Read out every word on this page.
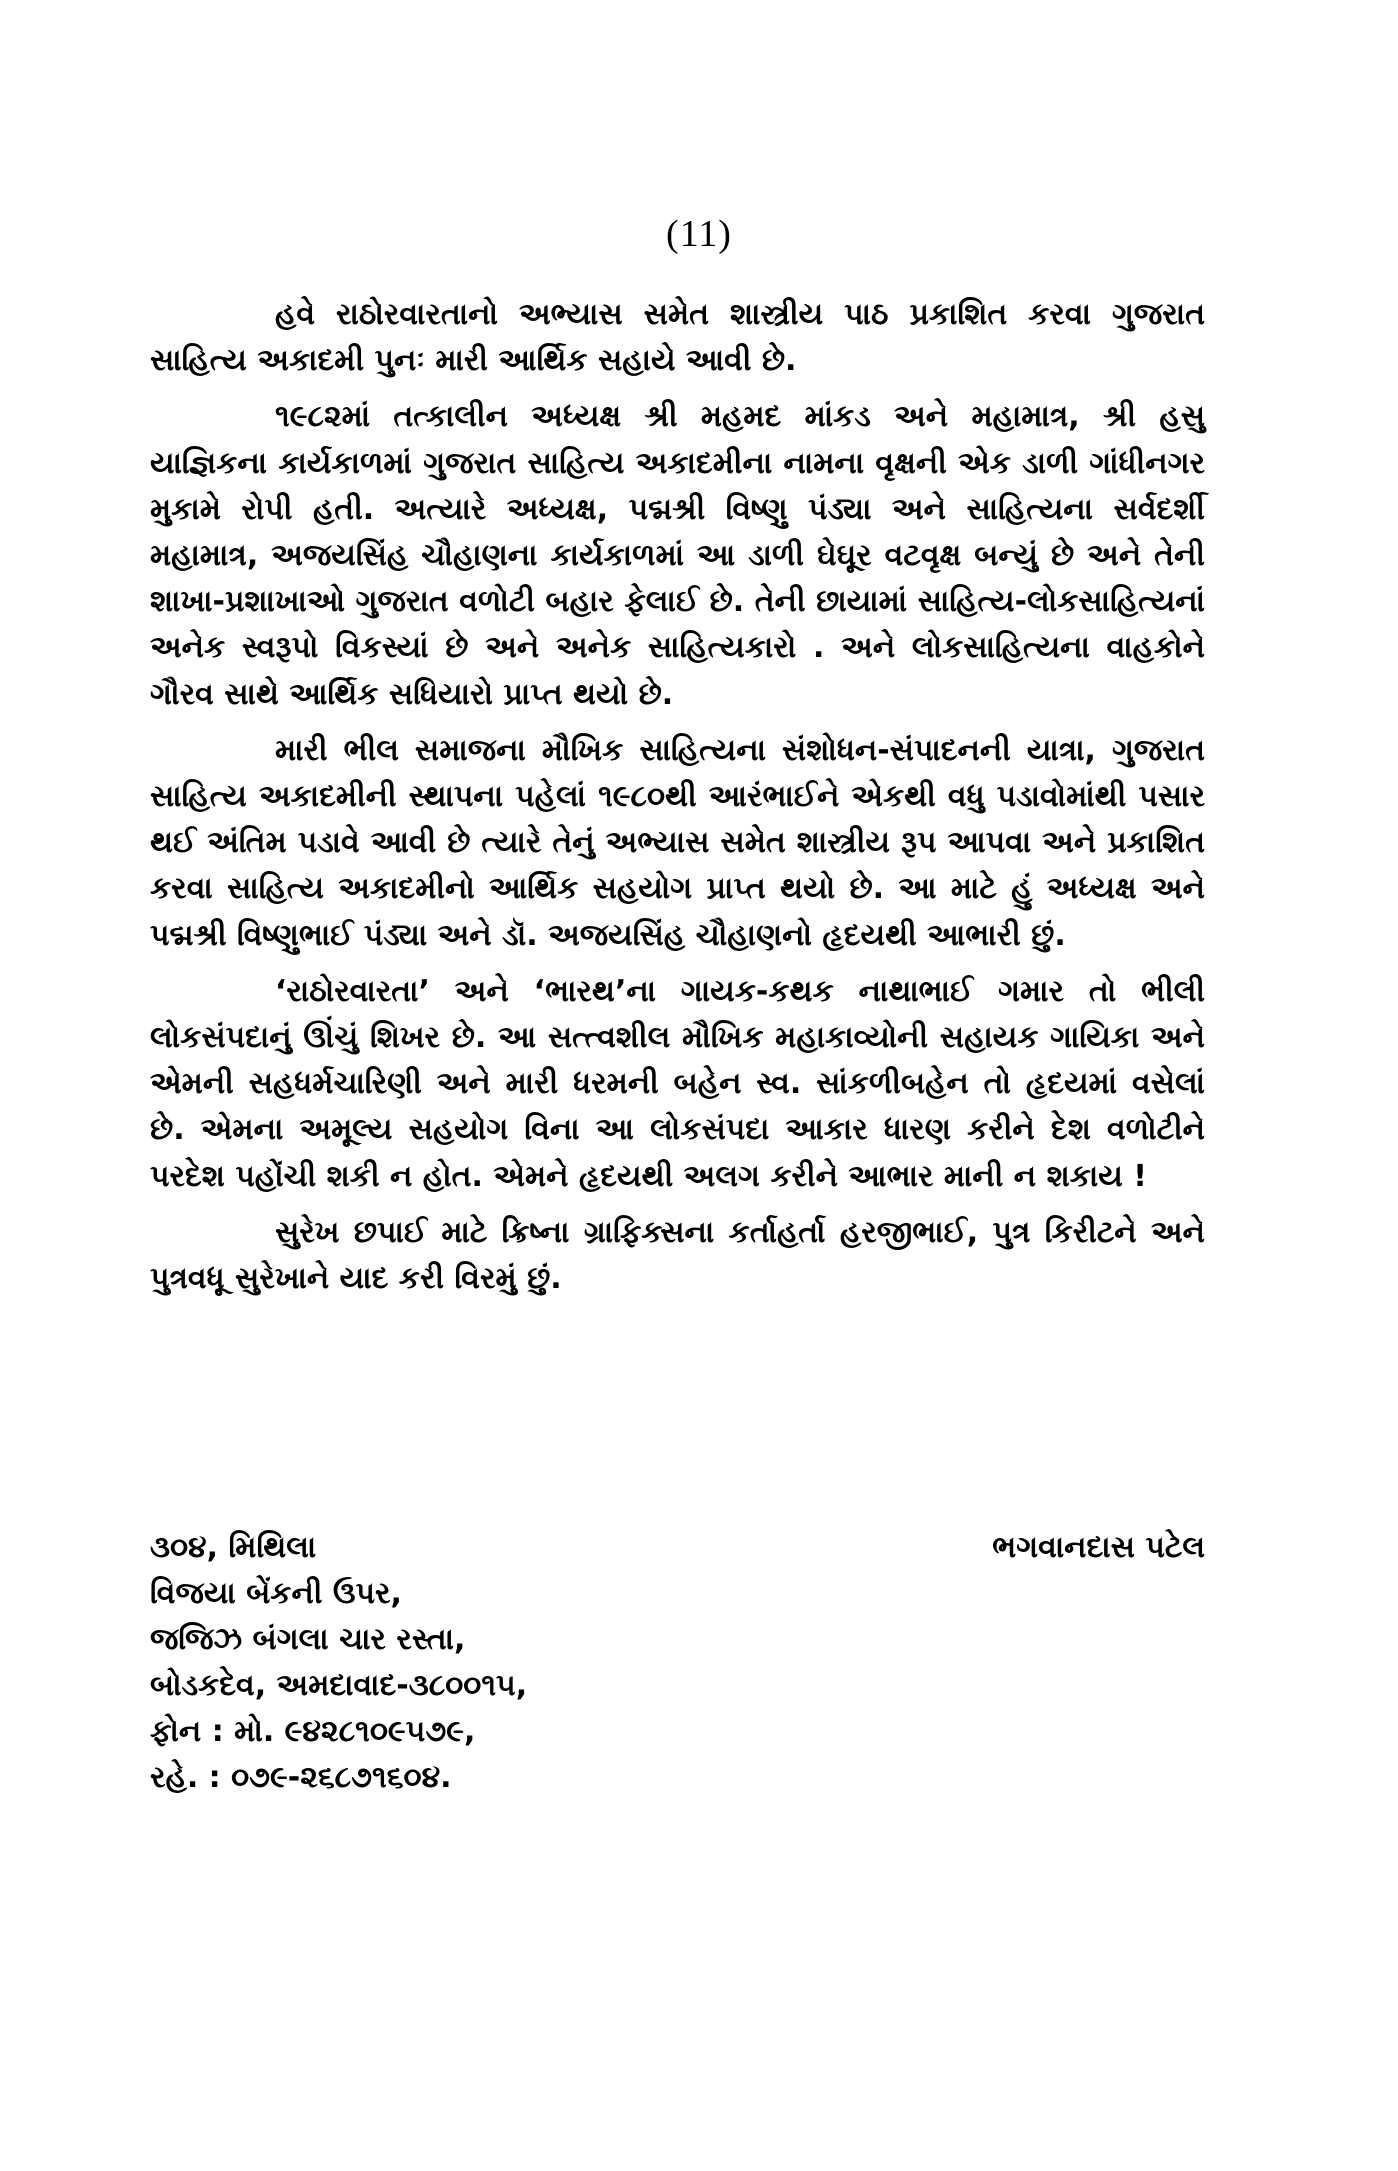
(11)

હવે રાઠોરવારતાનો અભ્યાસ સમેત શાસ્ત્રીય પાઠ પ્રકાશિત કરવા ગુજરાત સાહિત્ય અકાદમી પુનઃ મારી આર્થિક સહાયે આવી છે.

૧૯૮૨માં તત્કાલીન અધ્યક્ષ શ્રી મહમદ માંકડ અને મહામાત્ર, શ્રી હસુ યાજ્ઞિકના કાર્યકાળમાં ગુજરાત સાહિત્ય અકાદમીના નામના વૃક્ષની એક ડાળી ગાંધીનગર મુકામે રોપી હતી. અત્યારે અધ્યક્ષ, પદ્મશ્રી વિષ્ણુ પંડ્યા અને સાહિત્યના સર્વદર્શી મહામાત્ર, અજયસિંહ ચૌહાણના કાર્યકાળમાં આ ડાળી ઘેઘૂર વટવૃક્ષ બન્યું છે અને તેની શાખા-પ્રશાખાઓ ગુજરાત વળોટી બહાર ફેલાઈ છે. તેની છાયામાં સાહિત્ય-લોકસાહિત્યનાં અનેક સ્વરૂપો વિકસ્યાં છે અને અનેક સાહિત્યકારો . અને લોકસાહિત્યના વાહકોને ગૌરવ સાથે આર્થિક સધિયારો પ્રાપ્ત થયો છે.

મારી ભીલ સમાજના મૌખિક સાહિત્યના સંશોધન-સંપાદનની યાત્રા, ગુજરાત સાહિત્ય અકાદમીની સ્થાપના પહેલાં ૧૯૮૦થી આરંભાઈને એકથી વધુ પડાવોમાંથી પસાર થઈ અંતિમ પડાવે આવી છે ત્યારે તેનું અભ્યાસ સમેત શાસ્ત્રીય રૂપ આપવા અને પ્રકાશિત કરવા સાહિત્ય અકાદમીનો આર્થિક સહયોગ પ્રાપ્ત થયો છે. આ માટે હું અધ્યક્ષ અને પદ્મશ્રી વિષ્ણુભાઈ પંડ્યા અને ડૉ. અજયસિંહ ચૌહાણનો હૃદયથી આભારી છું.

‘રાઠોરવારતા’ અને ‘ભારથ’ના ગાયક-કથક નાથાભાઈ ગમાર તો ભીલી લોકસંપદાનું ઊંચું શિખર છે. આ સત્ત્વશીલ મૌખિક મહાકાવ્યોની સહાયક ગાયિકા અને એમની સહધર્મચારિણી અને મારી ધરમની બહેન સ્વ. સાંકળીબહેન તો હૃદયમાં વસેલાં છે. એમના અમૂલ્ય સહયોગ વિના આ લોકસંપદા આકાર ધારણ કરીને દેશ વળોટીને પરદેશ પહોંચી શકી ન હોત. એમને હૃદયથી અલગ કરીને આભાર માની ન શકાય !

સુરેખ છપાઈ માટે ક્રિષ્ના ગ્રાફિક્સના કર્તાહર્તા હરજીભાઈ, પુત્ર કિરીટને અને પુત્રવધૂ સુરેખાને યાદ કરી વિરમું છું.

૩૦૪, મિથિલા
વિજયા બેંકની ઉપર,
જજિઝ બંગલા ચાર રસ્તા,
બોડકદેવ, અમદાવાદ-૩૮૦૦૧૫,
ફોન : મો. ૯૪૨૮૧૦૯૫૭૯,
રહે. : ૦૭૯-૨૬૮૭૧૬૦૪.
ભગવાનદાસ પટેલ
